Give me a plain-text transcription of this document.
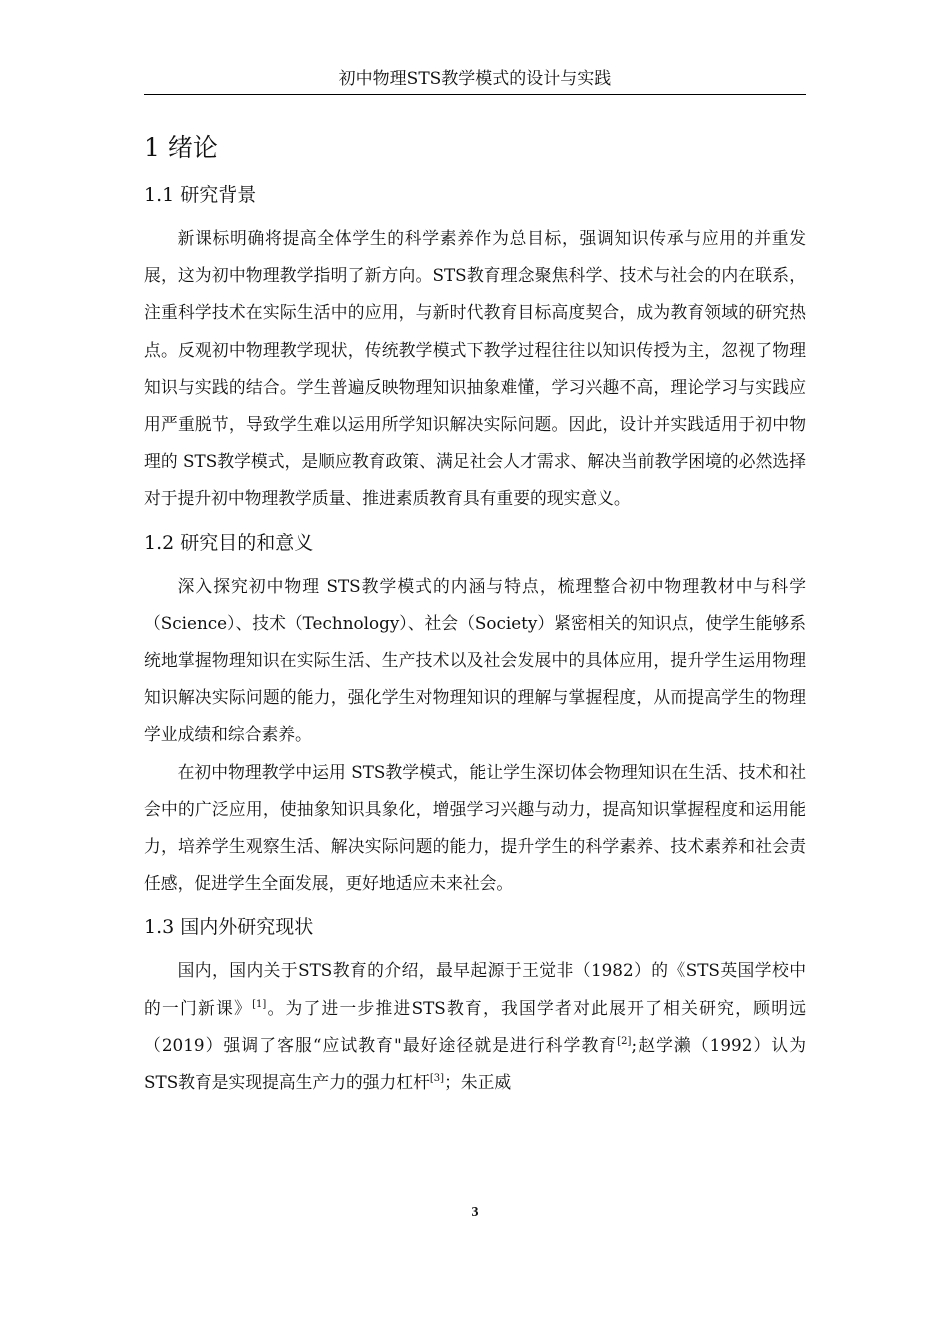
初中物理STS教学模式的设计与实践
1 绪论
1.1 研究背景

新课标明确将提高全体学生的科学素养作为总目标，强调知识传承与应用的并重发展，这为初中物理教学指明了新方向。STS教育理念聚焦科学、技术与社会的内在联系，注重科学技术在实际生活中的应用，与新时代教育目标高度契合，成为教育领域的研究热点。反观初中物理教学现状，传统教学模式下教学过程往往以知识传授为主，忽视了物理知识与实践的结合。学生普遍反映物理知识抽象难懂，学习兴趣不高，理论学习与实践应用严重脱节，导致学生难以运用所学知识解决实际问题。因此，设计并实践适用于初中物理的 STS教学模式，是顺应教育政策、满足社会人才需求、解决当前教学困境的必然选择对于提升初中物理教学质量、推进素质教育具有重要的现实意义。

1.2 研究目的和意义

深入探究初中物理 STS教学模式的内涵与特点，梳理整合初中物理教材中与科学（Science）、技术（Technology）、社会（Society）紧密相关的知识点，使学生能够系统地掌握物理知识在实际生活、生产技术以及社会发展中的具体应用，提升学生运用物理知识解决实际问题的能力，强化学生对物理知识的理解与掌握程度，从而提高学生的物理学业成绩和综合素养。

在初中物理教学中运用 STS教学模式，能让学生深切体会物理知识在生活、技术和社会中的广泛应用，使抽象知识具象化，增强学习兴趣与动力，提高知识掌握程度和运用能力，培养学生观察生活、解决实际问题的能力，提升学生的科学素养、技术素养和社会责任感，促进学生全面发展，更好地适应未来社会。

1.3 国内外研究现状

国内，国内关于STS教育的介绍，最早起源于王觉非（1982）的《STS英国学校中的一门新课》[1]。为了进一步推进STS教育，我国学者对此展开了相关研究，顾明远（2019）强调了客服“应试教育"最好途径就是进行科学教育[2];赵学濑（1992）认为 STS教育是实现提高生产力的强力杠杆[3]；朱正威

3
